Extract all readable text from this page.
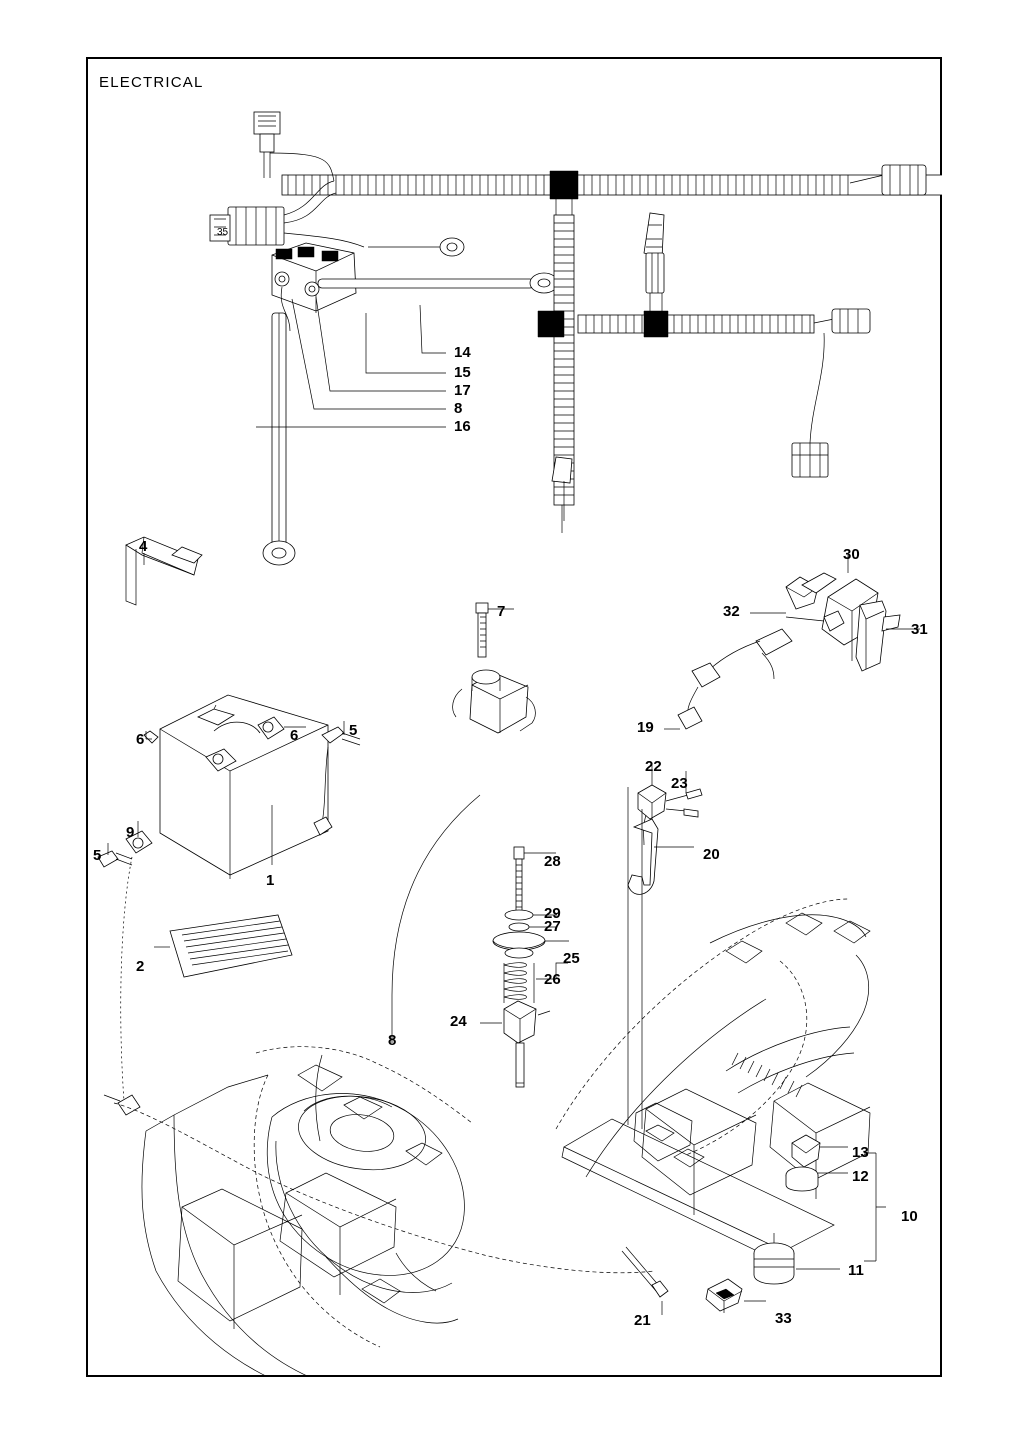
ELECTRICAL
35
14
15
17
8
16
4
7
30
32
31
19
6	6	5
9
5
1
22
23
20
28
29
27
25
26
24
2
8
13
12
10
11
21	33
